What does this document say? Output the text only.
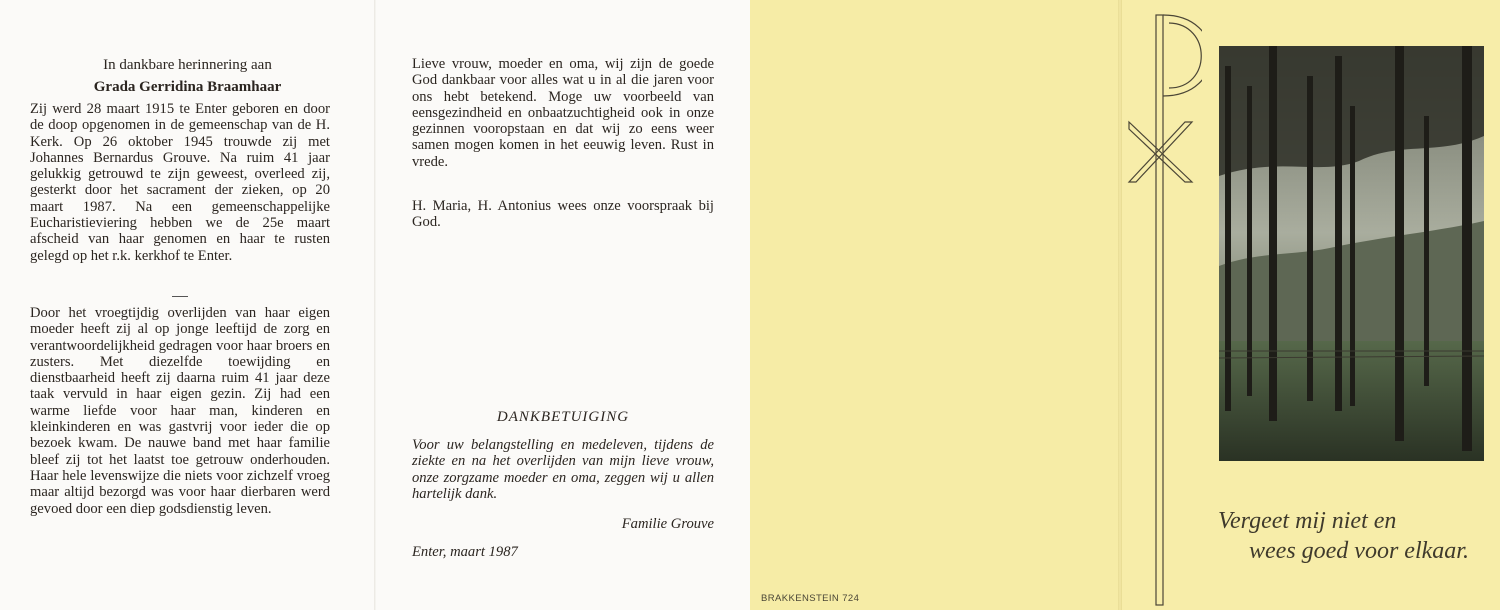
In dankbare herinnering aan
Grada Gerridina Braamhaar
Zij werd 28 maart 1915 te Enter geboren en door de doop opgenomen in de gemeenschap van de H. Kerk. Op 26 oktober 1945 trouwde zij met Johannes Bernardus Grouve. Na ruim 41 jaar gelukkig getrouwd te zijn geweest, overleed zij, gesterkt door het sacrament der zieken, op 20 maart 1987. Na een gemeenschappelijke Eucharistieviering hebben we de 25e maart afscheid van haar genomen en haar te rusten gelegd op het r.k. kerkhof te Enter.
Door het vroegtijdig overlijden van haar eigen moeder heeft zij al op jonge leeftijd de zorg en verantwoordelijkheid gedragen voor haar broers en zusters. Met diezelfde toewijding en dienstbaarheid heeft zij daarna ruim 41 jaar deze taak vervuld in haar eigen gezin. Zij had een warme liefde voor haar man, kinderen en kleinkinderen en was gastvrij voor ieder die op bezoek kwam. De nauwe band met haar familie bleef zij tot het laatst toe getrouw onderhouden. Haar hele levenswijze die niets voor zichzelf vroeg maar altijd bezorgd was voor haar dierbaren werd gevoed door een diep godsdienstig leven.
Lieve vrouw, moeder en oma, wij zijn de goede God dankbaar voor alles wat u in al die jaren voor ons hebt betekend. Moge uw voorbeeld van eensgezindheid en onbaatzuchtigheid ook in onze gezinnen vooropstaan en dat wij zo eens weer samen mogen komen in het eeuwig leven. Rust in vrede.
H. Maria, H. Antonius wees onze voorspraak bij God.
DANKBETUIGING
Voor uw belangstelling en medeleven, tijdens de ziekte en na het overlijden van mijn lieve vrouw, onze zorgzame moeder en oma, zeggen wij u allen hartelijk dank.
Familie Grouve
Enter, maart 1987
BRAKKENSTEIN 724
Vergeet mij niet en
wees goed voor elkaar.
